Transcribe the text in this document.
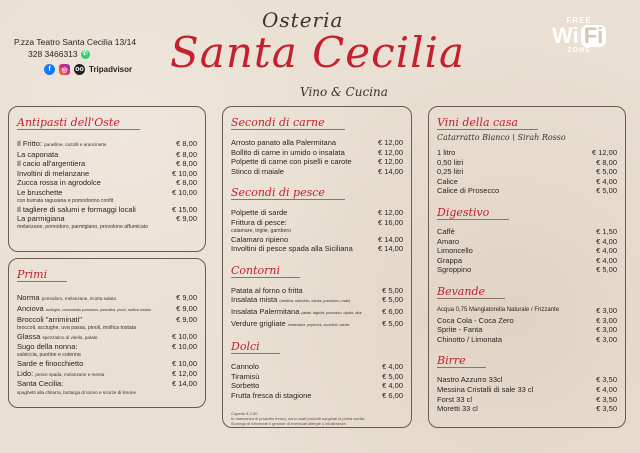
P.zza Teatro Santa Cecilia 13/14
328 3466313 ✆
f	◎	oo Tripadvisor
Osteria
Santa Cecilia
Vino & Cucina
FREE
Wi Fi
ZONE
Antipasti dell'Oste
Il Fritto: panelline, cazzilli e arancinette	€ 8,00
La caponata	€ 8,00
Il cacio all'argentiera	€ 8,00
Involtini di melanzane	€ 10,00
Zucca rossa in agrodolce	€ 8,00
Le bruschette	€ 10,00
con burrata ragusana e pomodorino confit
Il tagliere di salumi e formaggi locali	€ 15,00
La parmigiana	€ 9,00
melanzane, pomodoro, parmigiano, provolone affumicato
Primi
Norma pomodoro, melanzane, ricotta salata	€ 9,00
Anciova acciughe, concentrato pomodoro, passolina, pinoli, mollica tostata	€ 9,00
Broccoli "arriminati"	€ 9,00
broccoli, acciughe, uva passa, pinoli, mollica tostata
Glassa spezzatino di vitello, patate	€ 10,00
Sugo della nonna:	€ 10,00
salsiccia, puntine e cotenna
Sarde e finocchietto	€ 10,00
Lido: pesce spada, melanzane e menta	€ 12,00
Santa Cecilia:	€ 14,00
spaghetti alla chitarra, bottarga di tonno e scorze di limone
Secondi di carne
Arrosto panato alla Palermitana	€ 12,00
Bollito di carne in umido o insalata	€ 12,00
Polpette di carne con piselli e carote	€ 12,00
Stinco di maiale	€ 14,00
Secondi di pesce
Polpette di sarde	€ 12,00
Frittura di pesce:	€ 16,00
calamare, triglie, gambero
Calamaro ripieno	€ 14,00
Involtini di pesce spada alla Siciliana	€ 14,00
Contorni
Patata al forno o fritta	€ 5,00
Insalata mista (cetalina, radicchio, carota, pomodoro, mais)	€ 5,00
Insalata Palermitana patate, fagiolini, pomodoro, cipolla, olive	€ 6,00
Verdure grigliate melanzane, peperoni, zucchine, carote	€ 5,00
Dolci
Cannolo	€ 4,00
Tiramisù	€ 5,00
Sorbetto	€ 4,00
Frutta fresca di stagione	€ 6,00
Coperto € 2,00
In mancanza di prodotto fresco, sono usati prodotti surgelati di prima scelta.
Si prega di informare il gestore di eventuali allergie o intolleranze.
Vini della casa
Catarratto Bianco \ Sirah Rosso
1 litro	€ 12,00
0,50 litri	€ 8,00
0,25 litri	€ 5,00
Calice	€ 4,00
Calice di Prosecco	€ 5,00
Digestivo
Caffè	€ 1,50
Amaro	€ 4,00
Limoncello	€ 4,00
Grappa	€ 4,00
Sgroppino	€ 5,00
Bevande
Acqua 0,75 Mangiatorella Naturale / Frizzante	€ 3,00
Coca Cola - Coca Zero	€ 3,00
Sprite - Fanta	€ 3,00
Chinotto / Limonata	€ 3,00
Birre
Nastro Azzurro 33cl	€ 3,50
Messina Cristalli di sale 33 cl	€ 4,00
Forst 33 cl	€ 3,50
Moretti 33 cl	€ 3,50
